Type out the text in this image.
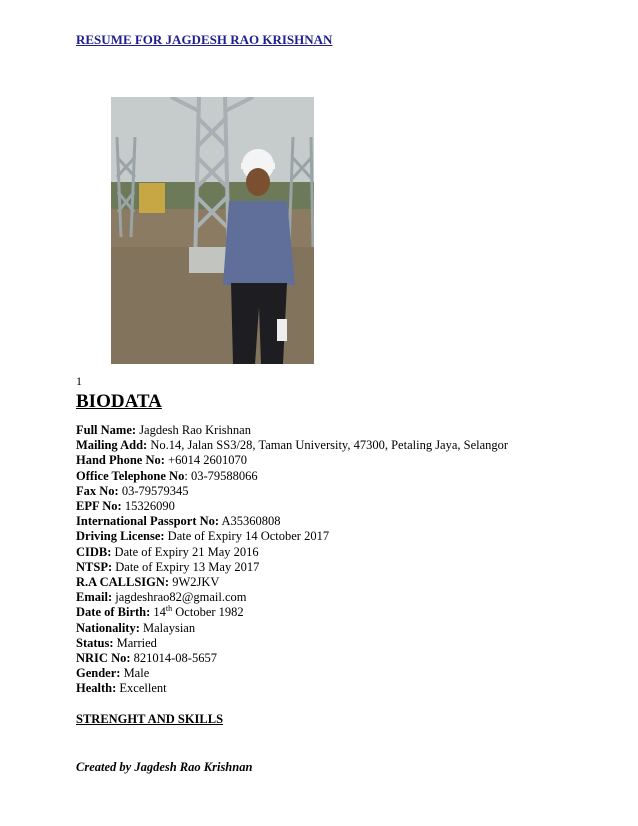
RESUME FOR JAGDESH RAO KRISHNAN
1
BIODATA
Full Name: Jagdesh Rao Krishnan
Mailing Add: No.14, Jalan SS3/28, Taman University, 47300, Petaling Jaya, Selangor
Hand Phone No: +6014 2601070
Office Telephone No: 03-79588066
Fax No: 03-79579345
EPF No: 15326090
International Passport No: A35360808
Driving License: Date of Expiry 14 October 2017
CIDB: Date of Expiry 21 May 2016
NTSP: Date of Expiry 13 May 2017
R.A CALLSIGN: 9W2JKV
Email: jagdeshrao82@gmail.com
Date of Birth: 14th October 1982
Nationality: Malaysian
Status: Married
NRIC No: 821014-08-5657
Gender: Male
Health: Excellent
STRENGHT AND SKILLS
Created by Jagdesh Rao Krishnan
